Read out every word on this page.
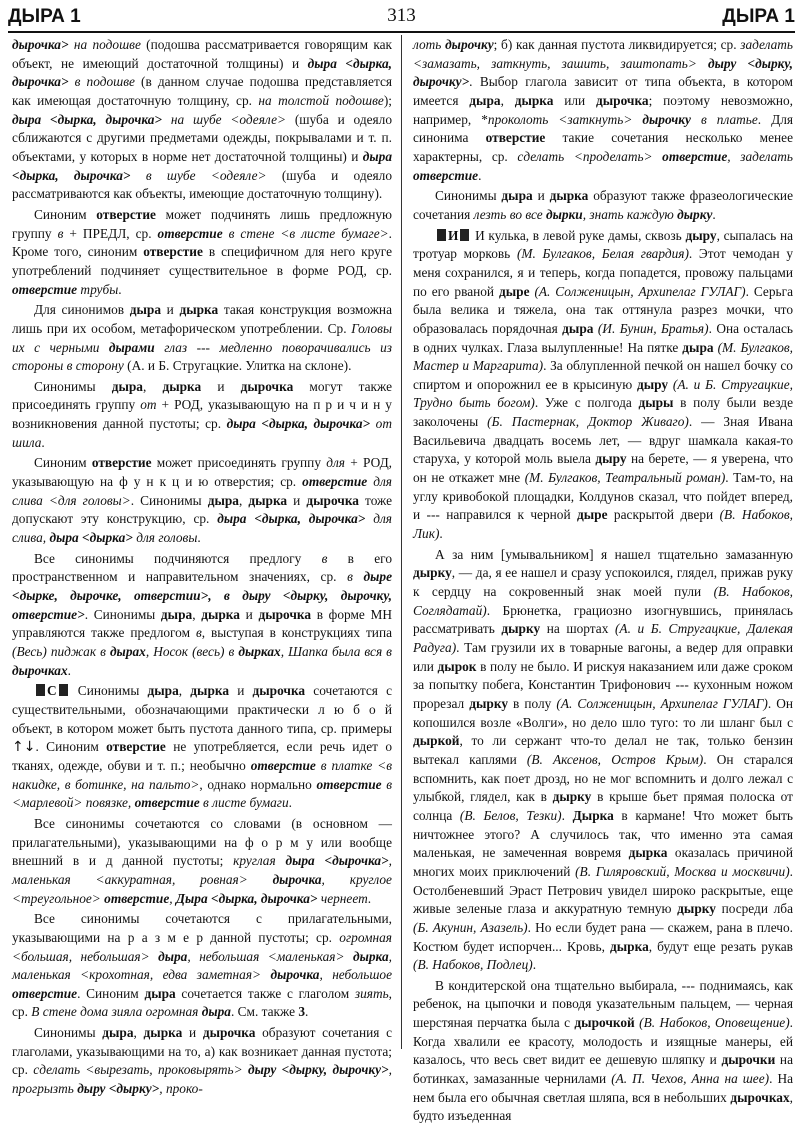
ДЫРА 1	313	ДЫРА 1

дырочка> на подошве (подошва рассматривается говорящим как объект, не имеющий достаточной толщины) и дыра <дырка, дырочка> в подошве (в данном случае подошва представляется как имеющая достаточную толщину, ср. на толстой подошве); дыра <дырка, дырочка> на шубе <одеяле> (шуба и одеяло сближаются с другими предметами одежды, покрывалами и т. п. объектами, у которых в норме нет достаточной толщины) и дыра <дырка, дырочка> в шубе <одеяле> (шуба и одеяло рассматриваются как объекты, имеющие достаточную толщину).

Синоним отверстие может подчинять лишь предложную группу в + ПРЕДЛ, ср. отверстие в стене <в листе бумаге>. Кроме того, синоним отверстие в специфичном для него круге употреблений подчиняет существительное в форме РОД, ср. отверстие трубы.

Для синонимов дыра и дырка такая конструкция возможна лишь при их особом, метафорическом употреблении. Ср. Головы их с черными дырами глаз --- медленно поворачивались из стороны в сторону (А. и Б. Стругацкие. Улитка на склоне).

Синонимы дыра, дырка и дырочка могут также присоединять группу от + РОД, указывающую на п р и ч и н у возникновения данной пустоты; ср. дыра <дырка, дырочка> от шила.

Синоним отверстие может присоединять группу для + РОД, указывающую на ф у н к ц и ю отверстия; ср. отверстие для слива <для головы>. Синонимы дыра, дырка и дырочка тоже допускают эту конструкцию, ср. дыра <дырка, дырочка> для слива, дыра <дырка> для головы.

Все синонимы подчиняются предлогу в в его пространственном и направительном значениях, ср. в дыре <дырке, дырочке, отверстии>, в дыру <дырку, дырочку, отверстие>. Синонимы дыра, дырка и дырочка в форме МН управляются также предлогом в, выступая в конструкциях типа (Весь) пиджак в дырах, Носок (весь) в дырках, Шапка была вся в дырочках.

С Синонимы дыра, дырка и дырочка сочетаются с существительными, обозначающими практически л ю б о й объект, в котором может быть пустота данного типа, ср. примеры ↑↓. Синоним отверстие не употребляется, если речь идет о тканях, одежде, обуви и т. п.; необычно отверстие в платке <в накидке, в ботинке, на пальто>, однако нормально отверстие в <марлевой> повязке, отверстие в листе бумаги.

Все синонимы сочетаются со словами (в основном — прилагательными), указывающими на ф о р м у или вообще внешний в и д данной пустоты; круглая дыра <дырочка>, маленькая <аккуратная, ровная> дырочка, круглое <треугольное> отверстие, Дыра <дырка, дырочка> чернеет.

Все синонимы сочетаются с прилагательными, указывающими на р а з м е р данной пустоты; ср. огромная <большая, небольшая> дыра, небольшая <маленькая> дырка, маленькая <крохотная, едва заметная> дырочка, небольшое отверстие. Синоним дыра сочетается также с глаголом зиять, ср. В стене дома зияла огромная дыра. См. также 3.

Синонимы дыра, дырка и дырочка образуют сочетания с глаголами, указывающими на то, а) как возникает данная пустота; ср. сделать <вырезать, проковырять> дыру <дырку, дырочку>, прогрызть дыру <дырку>, проко-

лоть дырочку; б) как данная пустота ликвидируется; ср. заделать <замазать, заткнуть, зашить, заштопать> дыру <дырку, дырочку>. Выбор глагола зависит от типа объекта, в котором имеется дыра, дырка или дырочка; поэтому невозможно, например, *проколоть <заткнуть> дырочку в платье. Для синонима отверстие такие сочетания несколько менее характерны, ср. сделать <проделать> отверстие, заделать отверстие.

Синонимы дыра и дырка образуют также фразеологические сочетания лезть во все дырки, знать каждую дырку.

И И кулька, в левой руке дамы, сквозь дыру, сыпалась на тротуар морковь (М. Булгаков, Белая гвардия). Этот чемодан у меня сохранился, я и теперь, когда попадется, провожу пальцами по его рваной дыре (А. Солженицын, Архипелаг ГУЛАГ). Серьга была велика и тяжела, она так оттянула разрез мочки, что образовалась порядочная дыра (И. Бунин, Братья). Она осталась в одних чулках. Глаза вылупленные! На пятке дыра (М. Булгаков, Мастер и Маргарита). За облупленной печкой он нашел бочку со спиртом и опорожнил ее в крысиную дыру (А. и Б. Стругацкие, Трудно быть богом). Уже с полгода дыры в полу были везде заколочены (Б. Пастернак, Доктор Живаго). — Зная Ивана Васильевича двадцать восемь лет, — вдруг шамкала какая-то старуха, у которой моль выела дыру на берете, — я уверена, что он не откажет мне (М. Булгаков, Театральный роман). Там-то, на углу кривобокой площадки, Колдунов сказал, что пойдет вперед, и --- направился к черной дыре раскрытой двери (В. Набоков, Лик).

А за ним [умывальником] я нашел тщательно замазанную дырку, — да, я ее нашел и сразу успокоился, глядел, прижав руку к сердцу на сокровенный знак моей пули (В. Набоков, Соглядатай). Брюнетка, грациозно изогнувшись, принялась рассматривать дырку на шортах (А. и Б. Стругацкие, Далекая Радуга). Там грузили их в товарные вагоны, а ведер для оправки или дырок в полу не было. И рискуя наказанием или даже сроком за попытку побега, Константин Трифонович --- кухонным ножом прорезал дырку в полу (А. Солженицын, Архипелаг ГУЛАГ). Он копошился возле «Волги», но дело шло туго: то ли шланг был с дыркой, то ли сержант что-то делал не так, только бензин вытекал каплями (В. Аксенов, Остров Крым). Он старался вспомнить, как поет дрозд, но не мог вспомнить и долго лежал с улыбкой, глядел, как в дырку в крыше бьет прямая полоска от солнца (В. Белов, Тезки). Дырка в кармане! Что может быть ничтожнее этого? А случилось так, что именно эта самая маленькая, не замеченная вовремя дырка оказалась причиной многих моих приключений (В. Гиляровский, Москва и москвичи). Остолбеневший Эраст Петрович увидел широко раскрытые, еще живые зеленые глаза и аккуратную темную дырку посреди лба (Б. Акунин, Азазель). Но если будет рана — скажем, рана в плечо. Костюм будет испорчен... Кровь, дырка, будут еще резать рукав (В. Набоков, Подлец).

В кондитерской она тщательно выбирала, --- поднимаясь, как ребенок, на цыпочки и поводя указательным пальцем, — черная шерстяная перчатка была с дырочкой (В. Набоков, Оповещение). Когда хвалили ее красоту, молодость и изящные манеры, ей казалось, что весь свет видит ее дешевую шляпку и дырочки на ботинках, замазанные чернилами (А. П. Чехов, Анна на шее). На нем была его обычная светлая шляпа, вся в небольших дырочках, будто изъеденная
